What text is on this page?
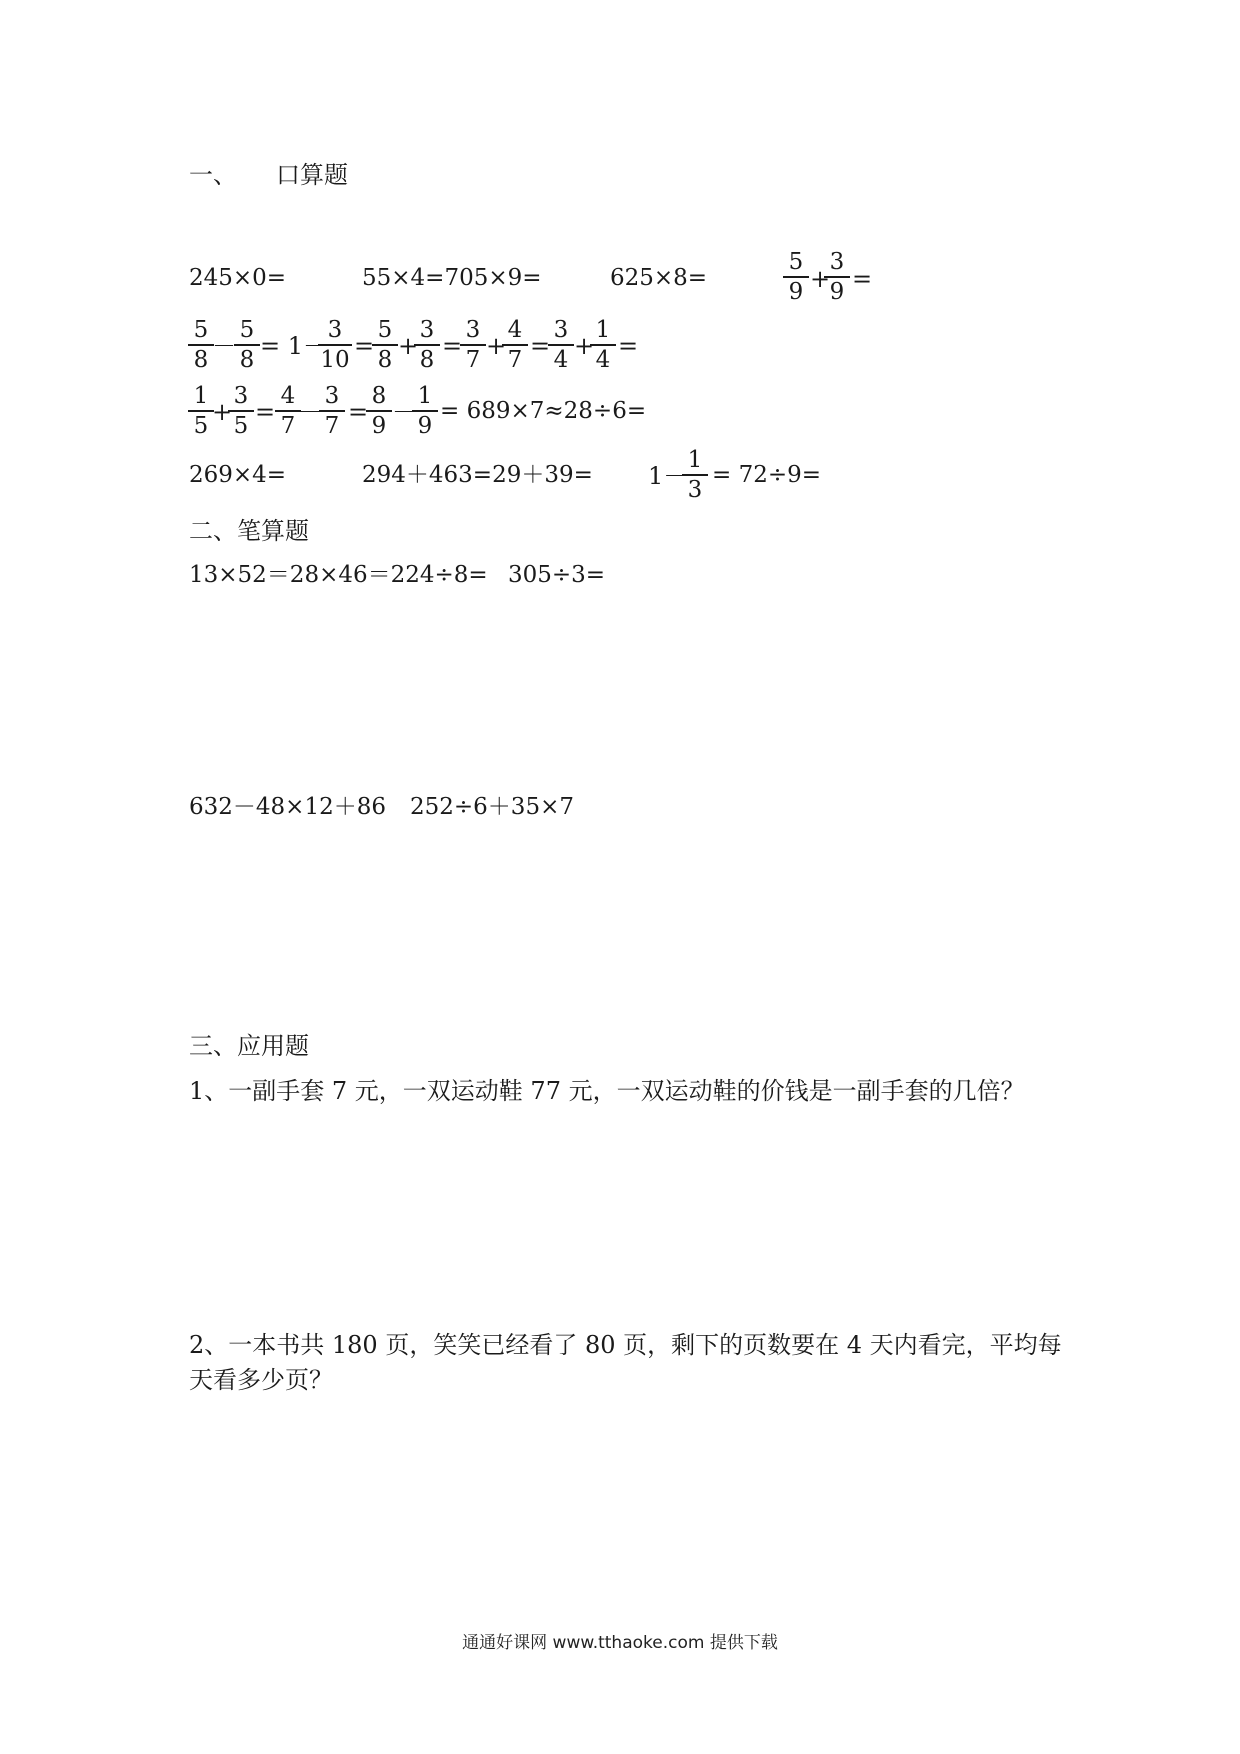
一、 口算题
245×0=	55×4=705×9=	625×8=	$\frac{5}{9}$ +
$\frac{3}{9}$ =
$\frac{5}{8}$
－
$\frac{5}{8} = 1-$
$\frac{3}{10}$ =
$\frac{5}{8}$ +
$\frac{3}{8}$ =
$\frac{3}{7}$ +
$\frac{4}{7}$ =
$\frac{3}{4}$ +
$\frac{1}{4}$ =
$\frac{1}{5}$
+
$\frac{3}{5} = \frac{4}{7}$
－
$\frac{3}{7}$ =
$\frac{8}{9}$ －
$\frac{1}{9} = 689\times 7\approx 28\div 6=$
269×4=	294＋463=29＋39= 1－
$\frac{1}{3} = 72\div 9=$
二、笔算题
13×52＝28×46＝224÷8= 305÷3=
632－48×12＋86 252÷6＋35×7
三、应用题
1、一副手套 7 元，一双运动鞋 77 元，一双运动鞋的价钱是一副手套的几倍？
2、一本书共 180 页，笑笑已经看了 80 页，剩下的页数要在 4 天内看完，平均每
天看多少页？
通通好课网 www.tthaoke.com 提供下载
